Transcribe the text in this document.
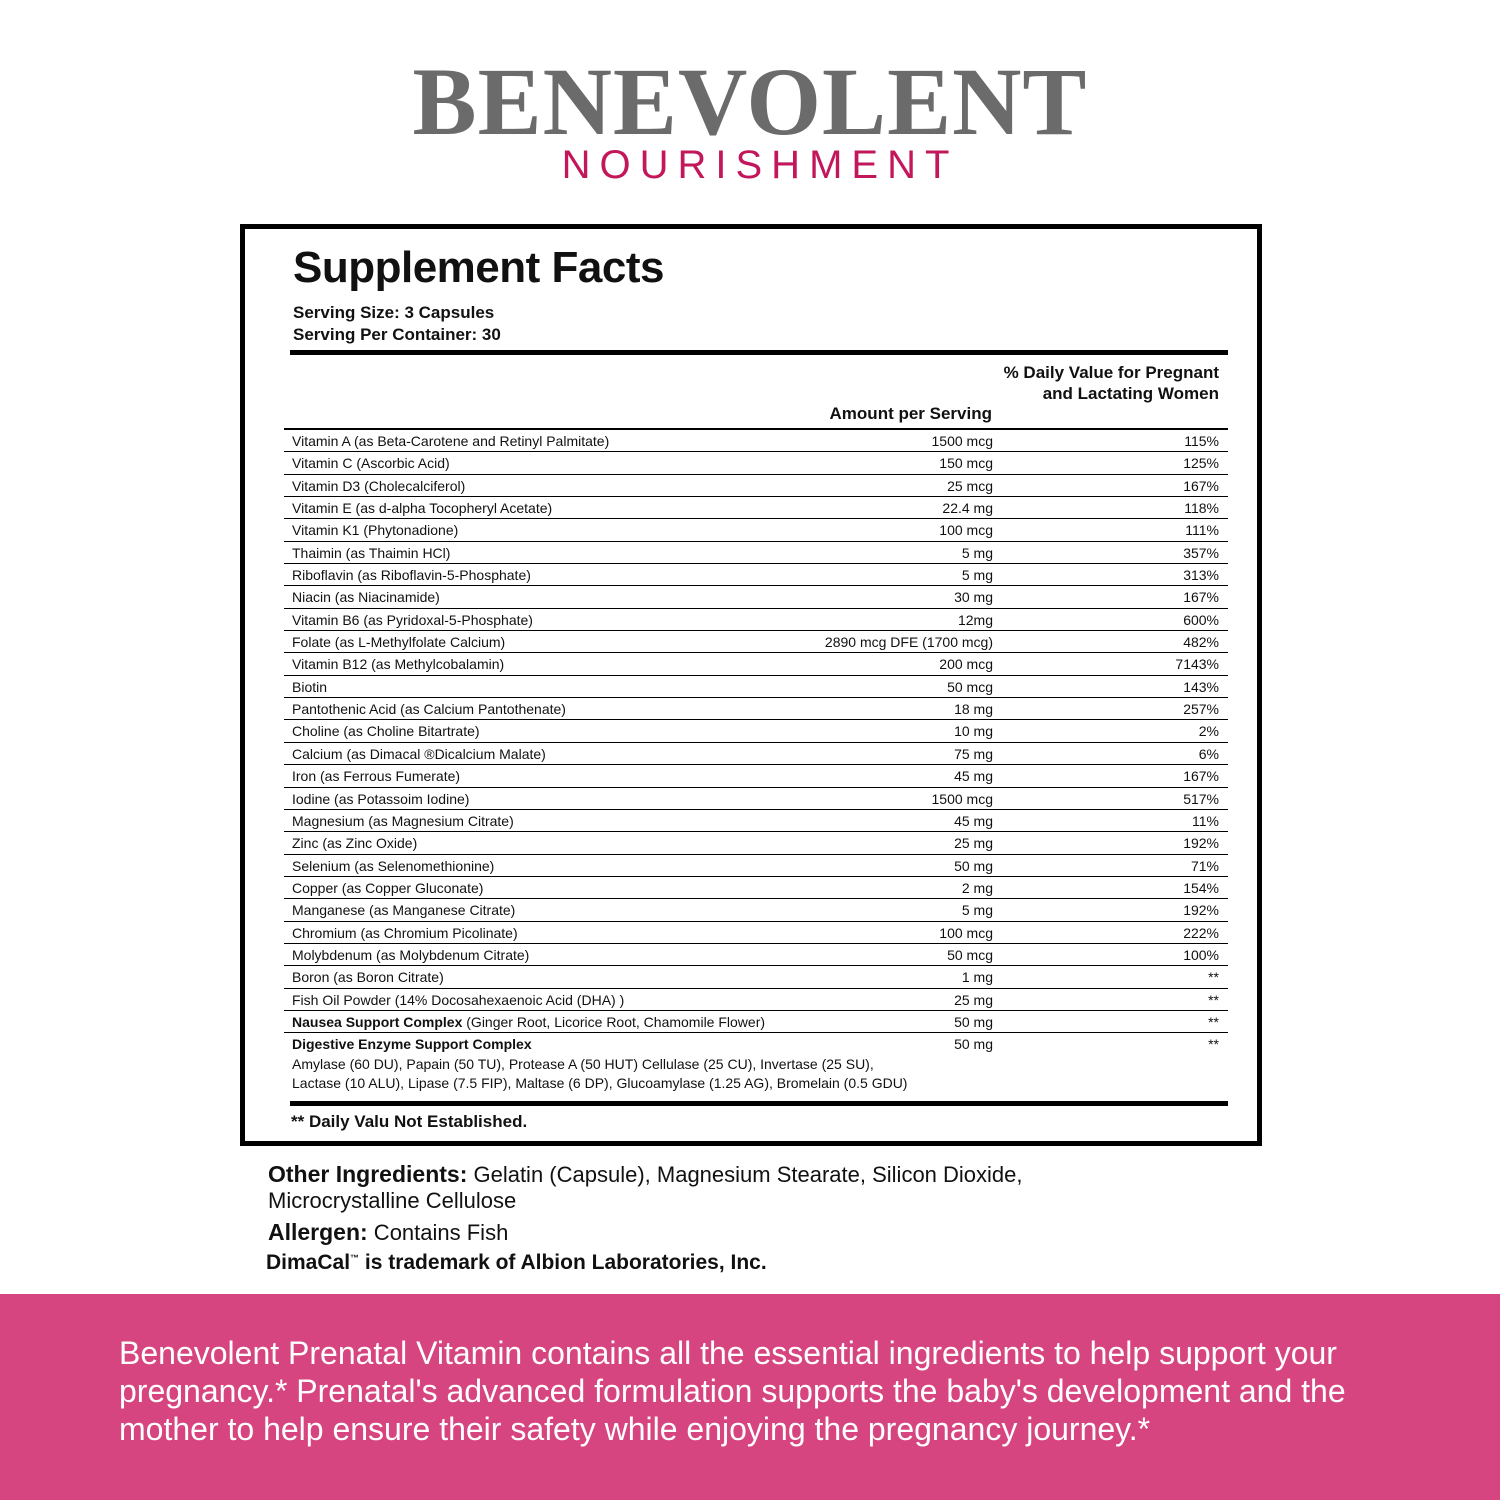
BENEVOLENT
NOURISHMENT
Supplement Facts
Serving Size: 3 Capsules
Serving Per Container: 30
Amount per Serving
% Daily Value for Pregnant and Lactating Women
Vitamin A (as Beta-Carotene and Retinyl Palmitate)	1500 mcg	115%
Vitamin C (Ascorbic Acid)	150 mcg	125%
Vitamin D3 (Cholecalciferol)	25 mcg	167%
Vitamin E (as d-alpha Tocopheryl Acetate)	22.4 mg	118%
Vitamin K1 (Phytonadione)	100 mcg	111%
Thaimin (as Thaimin HCl)	5 mg	357%
Riboflavin (as Riboflavin-5-Phosphate)	5 mg	313%
Niacin (as Niacinamide)	30 mg	167%
Vitamin B6 (as Pyridoxal-5-Phosphate)	12mg	600%
Folate (as L-Methylfolate Calcium)	2890 mcg DFE (1700 mcg)	482%
Vitamin B12 (as Methylcobalamin)	200 mcg	7143%
Biotin	50 mcg	143%
Pantothenic Acid (as Calcium Pantothenate)	18 mg	257%
Choline (as Choline Bitartrate)	10 mg	2%
Calcium (as Dimacal ®Dicalcium Malate)	75 mg	6%
Iron (as Ferrous Fumerate)	45 mg	167%
Iodine (as Potassoim Iodine)	1500 mcg	517%
Magnesium (as Magnesium Citrate)	45 mg	11%
Zinc (as Zinc Oxide)	25 mg	192%
Selenium (as Selenomethionine)	50 mg	71%
Copper (as Copper Gluconate)	2 mg	154%
Manganese (as Manganese Citrate)	5 mg	192%
Chromium (as Chromium Picolinate)	100 mcg	222%
Molybdenum (as Molybdenum Citrate)	50 mcg	100%
Boron (as Boron Citrate)	1 mg	**
Fish Oil Powder (14% Docosahexaenoic Acid (DHA) )	25 mg	**
Nausea Support Complex (Ginger Root, Licorice Root, Chamomile Flower)	50 mg	**
Digestive Enzyme Support Complex	50 mg	**
Amylase (60 DU), Papain (50 TU), Protease A (50 HUT) Cellulase (25 CU), Invertase (25 SU),
Lactase (10 ALU), Lipase (7.5 FIP), Maltase (6 DP), Glucoamylase (1.25 AG), Bromelain (0.5 GDU)
** Daily Valu Not Established.
Other Ingredients: Gelatin (Capsule), Magnesium Stearate, Silicon Dioxide, Microcrystalline Cellulose
Allergen: Contains Fish
DimaCal™ is trademark of Albion Laboratories, Inc.
Benevolent Prenatal Vitamin contains all the essential ingredients to help support your pregnancy.* Prenatal's advanced formulation supports the baby's development and the mother to help ensure their safety while enjoying the pregnancy journey.*
